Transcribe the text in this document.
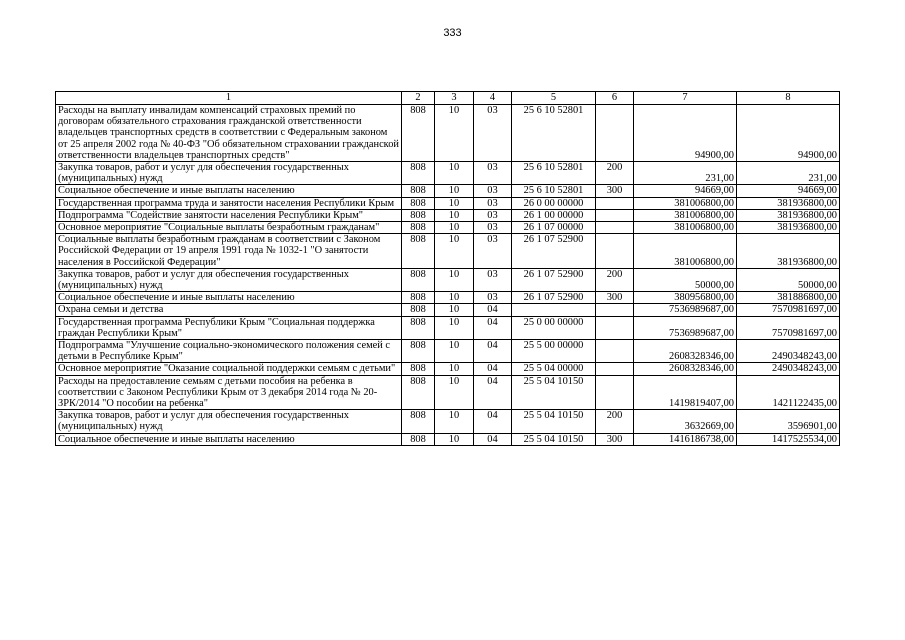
333
1	2	3	4	5	6	7	8
Расходы на выплату инвалидам компенсаций страховых премий по договорам обязательного страхования гражданской ответственности владельцев транспортных средств в соответствии с Федеральным законом от 25 апреля 2002 года № 40-ФЗ "Об обязательном страховании гражданской ответственности владельцев транспортных средств"	808	10	03	25 6 10 52801		94900,00	94900,00
Закупка товаров, работ и услуг для обеспечения государственных (муниципальных) нужд	808	10	03	25 6 10 52801	200	231,00	231,00
Социальное обеспечение и иные выплаты населению	808	10	03	25 6 10 52801	300	94669,00	94669,00
Государственная программа труда и занятости населения Республики Крым	808	10	03	26 0 00 00000		381006800,00	381936800,00
Подпрограмма "Содействие занятости населения Республики Крым"	808	10	03	26 1 00 00000		381006800,00	381936800,00
Основное мероприятие "Социальные выплаты безработным гражданам"	808	10	03	26 1 07 00000		381006800,00	381936800,00
Социальные выплаты безработным гражданам в соответствии с Законом Российской Федерации от 19 апреля 1991 года № 1032-1 "О занятости населения в Российской Федерации"	808	10	03	26 1 07 52900		381006800,00	381936800,00
Закупка товаров, работ и услуг для обеспечения государственных (муниципальных) нужд	808	10	03	26 1 07 52900	200	50000,00	50000,00
Социальное обеспечение и иные выплаты населению	808	10	03	26 1 07 52900	300	380956800,00	381886800,00
Охрана семьи и детства	808	10	04			7536989687,00	7570981697,00
Государственная программа Республики Крым "Социальная поддержка граждан Республики Крым"	808	10	04	25 0 00 00000		7536989687,00	7570981697,00
Подпрограмма "Улучшение социально-экономического положения семей с детьми в Республике Крым"	808	10	04	25 5 00 00000		2608328346,00	2490348243,00
Основное мероприятие "Оказание социальной поддержки семьям с детьми"	808	10	04	25 5 04 00000		2608328346,00	2490348243,00
Расходы на предоставление семьям с детьми пособия на ребенка в соответствии с Законом Республики Крым от 3 декабря 2014 года № 20-ЗРК/2014 "О пособии на ребенка"	808	10	04	25 5 04 10150		1419819407,00	1421122435,00
Закупка товаров, работ и услуг для обеспечения государственных (муниципальных) нужд	808	10	04	25 5 04 10150	200	3632669,00	3596901,00
Социальное обеспечение и иные выплаты населению	808	10	04	25 5 04 10150	300	1416186738,00	1417525534,00
